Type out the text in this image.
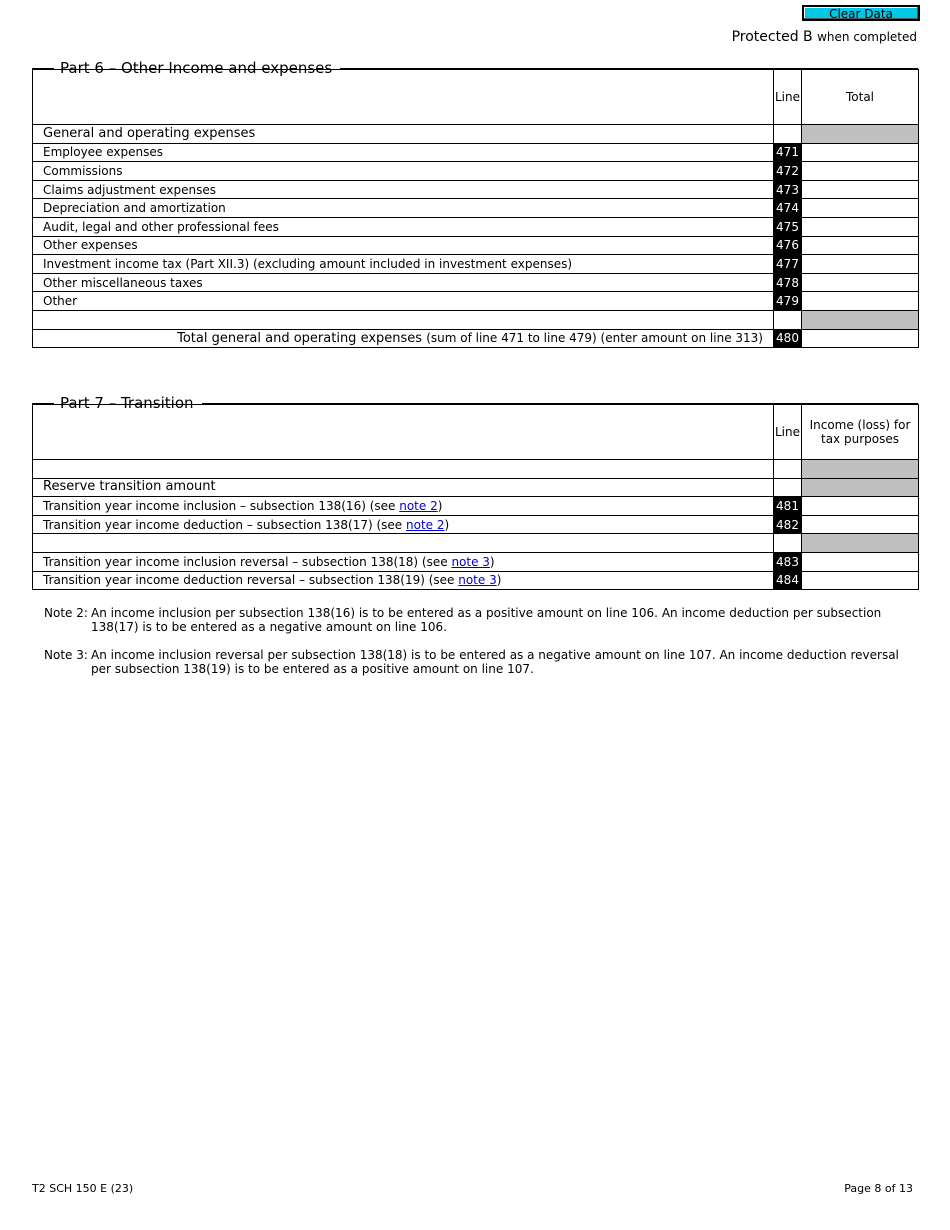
Clear Data
Protected B when completed
Part 6 – Other Income and expenses
	Line	Total
General and operating expenses		
Employee expenses	471	
Commissions	472	
Claims adjustment expenses	473	
Depreciation and amortization	474	
Audit, legal and other professional fees	475	
Other expenses	476	
Investment income tax (Part XII.3) (excluding amount included in investment expenses)	477	
Other miscellaneous taxes	478	
Other	479	

Total general and operating expenses (sum of line 471 to line 479) (enter amount on line 313)	480	
Part 7 – Transition
	Line	Income (loss) for tax purposes

Reserve transition amount		
Transition year income inclusion – subsection 138(16) (see note 2)	481	
Transition year income deduction – subsection 138(17) (see note 2)	482	

Transition year income inclusion reversal – subsection 138(18) (see note 3)	483	
Transition year income deduction reversal – subsection 138(19) (see note 3)	484	
Note 2: An income inclusion per subsection 138(16) is to be entered as a positive amount on line 106. An income deduction per subsection 138(17) is to be entered as a negative amount on line 106.
Note 3: An income inclusion reversal per subsection 138(18) is to be entered as a negative amount on line 107. An income deduction reversal per subsection 138(19) is to be entered as a positive amount on line 107.
T2 SCH 150 E (23)	Page 8 of 13
